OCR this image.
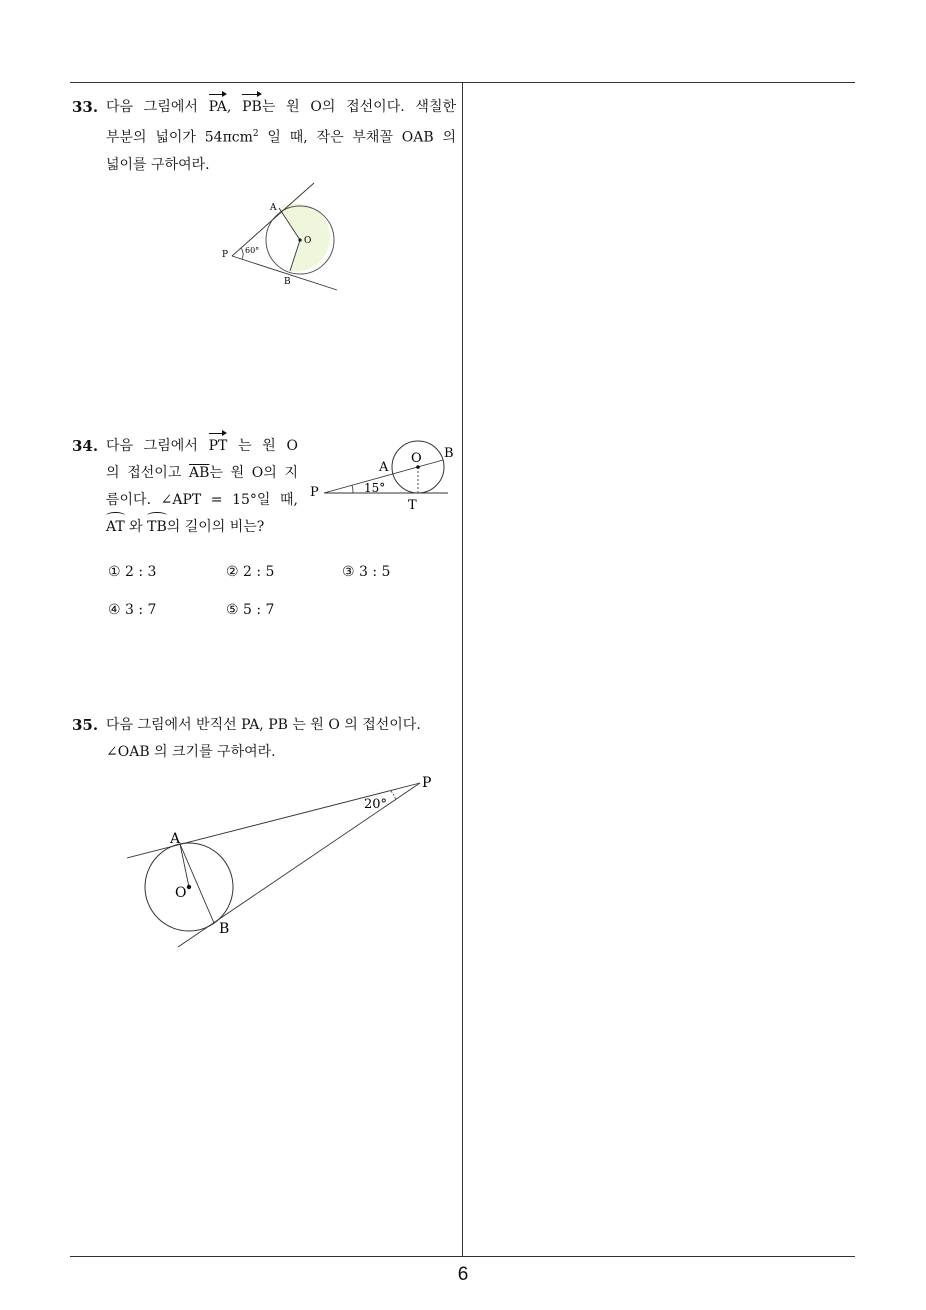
33. 다음 그림에서 PA, PB는 원 O의 접선이다. 색칠한
부분의 넓이가 54πcm$^2$ 일 때, 작은 부채꼴 OAB 의
넓이를 구하여라.
A
O
P
B
60°
34. 다음 그림에서 PT 는 원 O
의 접선이고 $\overline{AB}$는 원 O의 지
름이다. ∠APT = 15°일 때,
AT 와 TB의 길이의 비는?
P
A
O B
T
15°
① 2 : 3	② 2 : 5	③ 3 : 5
④ 3 : 7	⑤ 5 : 7
35. 다음 그림에서 반직선 PA, PB 는 원 O 의 접선이다.
∠OAB 의 크기를 구하여라.
P
20°
A
O
B
6
